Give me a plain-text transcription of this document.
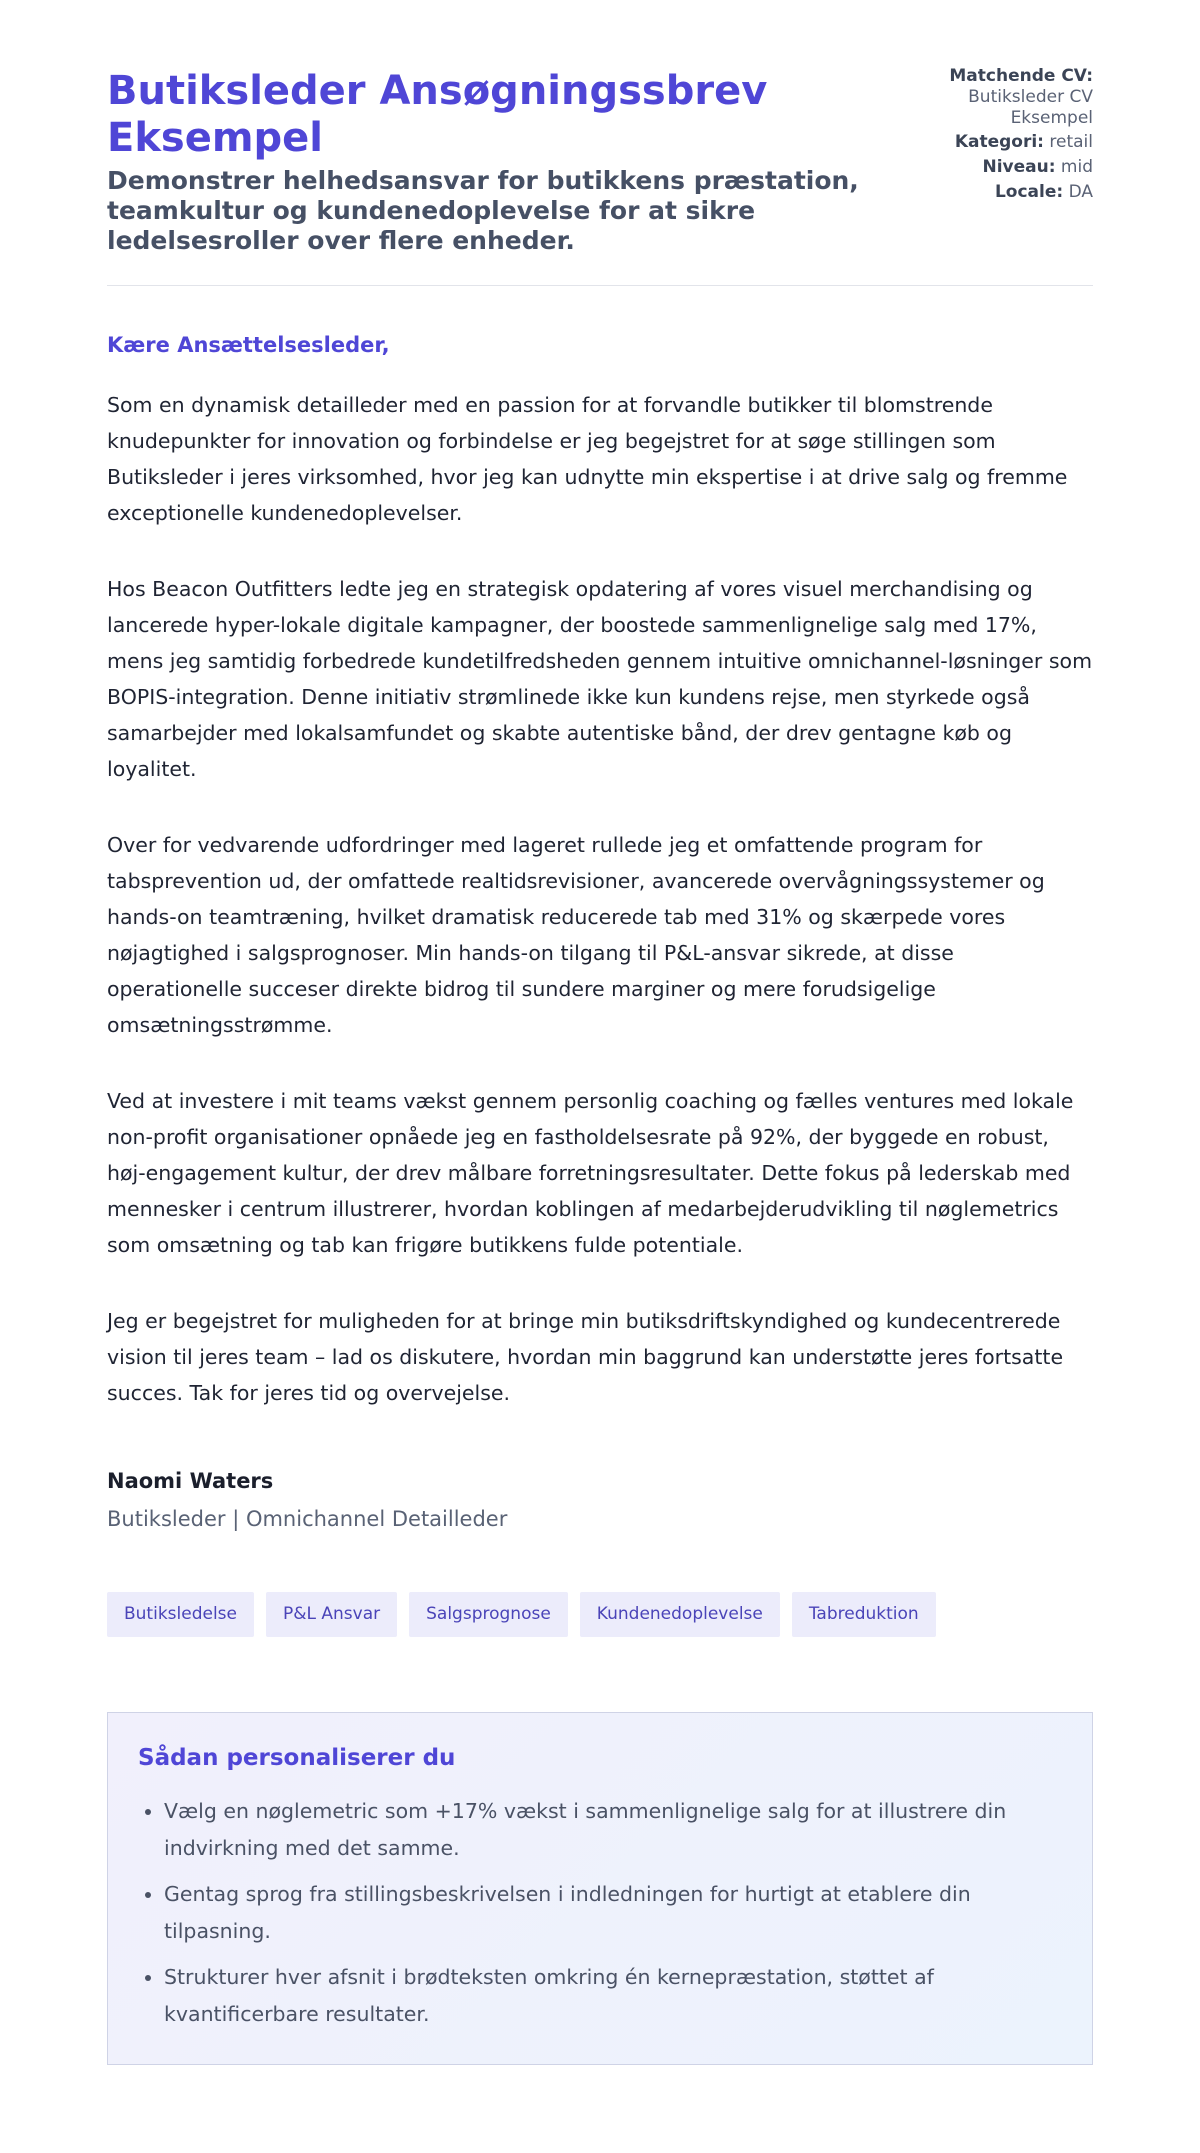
Butiksleder Ansøgningssbrev Eksempel
Demonstrer helhedsansvar for butikkens præstation, teamkultur og kundenedoplevelse for at sikre ledelsesroller over flere enheder.
Matchende CV:
Butiksleder CV Eksempel
Kategori: retail
Niveau: mid
Locale: DA
Kære Ansættelsesleder,

Som en dynamisk detailleder med en passion for at forvandle butikker til blomstrende knudepunkter for innovation og forbindelse er jeg begejstret for at søge stillingen som Butiksleder i jeres virksomhed, hvor jeg kan udnytte min ekspertise i at drive salg og fremme exceptionelle kundenedoplevelser.

Hos Beacon Outfitters ledte jeg en strategisk opdatering af vores visuel merchandising og lancerede hyper-lokale digitale kampagner, der boostede sammenlignelige salg med 17%, mens jeg samtidig forbedrede kundetilfredsheden gennem intuitive omnichannel-løsninger som BOPIS-integration. Denne initiativ strømlinede ikke kun kundens rejse, men styrkede også samarbejder med lokalsamfundet og skabte autentiske bånd, der drev gentagne køb og loyalitet.

Over for vedvarende udfordringer med lageret rullede jeg et omfattende program for tabsprevention ud, der omfattede realtidsrevisioner, avancerede overvågningssystemer og hands-on teamtræning, hvilket dramatisk reducerede tab med 31% og skærpede vores nøjagtighed i salgsprognoser. Min hands-on tilgang til P&L-ansvar sikrede, at disse operationelle succeser direkte bidrog til sundere marginer og mere forudsigelige omsætningsstrømme.

Ved at investere i mit teams vækst gennem personlig coaching og fælles ventures med lokale non-profit organisationer opnåede jeg en fastholdelsesrate på 92%, der byggede en robust, høj-engagement kultur, der drev målbare forretningsresultater. Dette fokus på lederskab med mennesker i centrum illustrerer, hvordan koblingen af medarbejderudvikling til nøglemetrics som omsætning og tab kan frigøre butikkens fulde potentiale.

Jeg er begejstret for muligheden for at bringe min butiksdriftskyndighed og kundecentrerede vision til jeres team – lad os diskutere, hvordan min baggrund kan understøtte jeres fortsatte succes. Tak for jeres tid og overvejelse.

Naomi Waters
Butiksleder | Omnichannel Detailleder
Butiksledelse	P&L Ansvar	Salgsprognose	Kundenedoplevelse	Tabreduktion
Sådan personaliserer du
• Vælg en nøglemetric som +17% vækst i sammenlignelige salg for at illustrere din indvirkning med det samme.
• Gentag sprog fra stillingsbeskrivelsen i indledningen for hurtigt at etablere din tilpasning.
• Strukturer hver afsnit i brødteksten omkring én kernepræstation, støttet af kvantificerbare resultater.
